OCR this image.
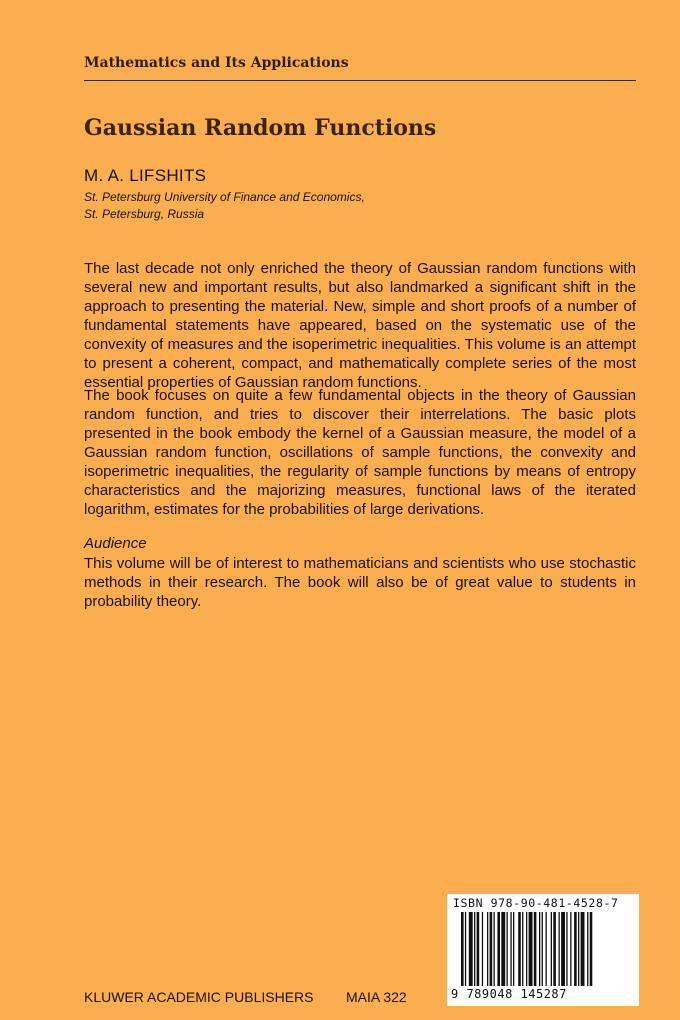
Mathematics and Its Applications
Gaussian Random Functions
M. A. LIFSHITS
St. Petersburg University of Finance and Economics,
St. Petersburg, Russia
The last decade not only enriched the theory of Gaussian random functions with several new and important results, but also landmarked a significant shift in the approach to presenting the material. New, simple and short proofs of a number of fundamental statements have appeared, based on the systematic use of the convexity of measures and the isoperimetric inequalities. This volume is an attempt to present a coherent, compact, and mathematically complete series of the most essential properties of Gaussian random functions.
The book focuses on quite a few fundamental objects in the theory of Gaussian random function, and tries to discover their interrelations. The basic plots presented in the book embody the kernel of a Gaussian measure, the model of a Gaussian random function, oscillations of sample functions, the convexity and isoperimetric inequalities, the regularity of sample functions by means of entropy characteristics and the majorizing measures, functional laws of the iterated logarithm, estimates for the probabilities of large derivations.
Audience
This volume will be of interest to mathematicians and scientists who use stochastic methods in their research. The book will also be of great value to students in probability theory.
ISBN 978-90-481-4528-7
9 789048 145287
KLUWER ACADEMIC PUBLISHERS MAIA 322
